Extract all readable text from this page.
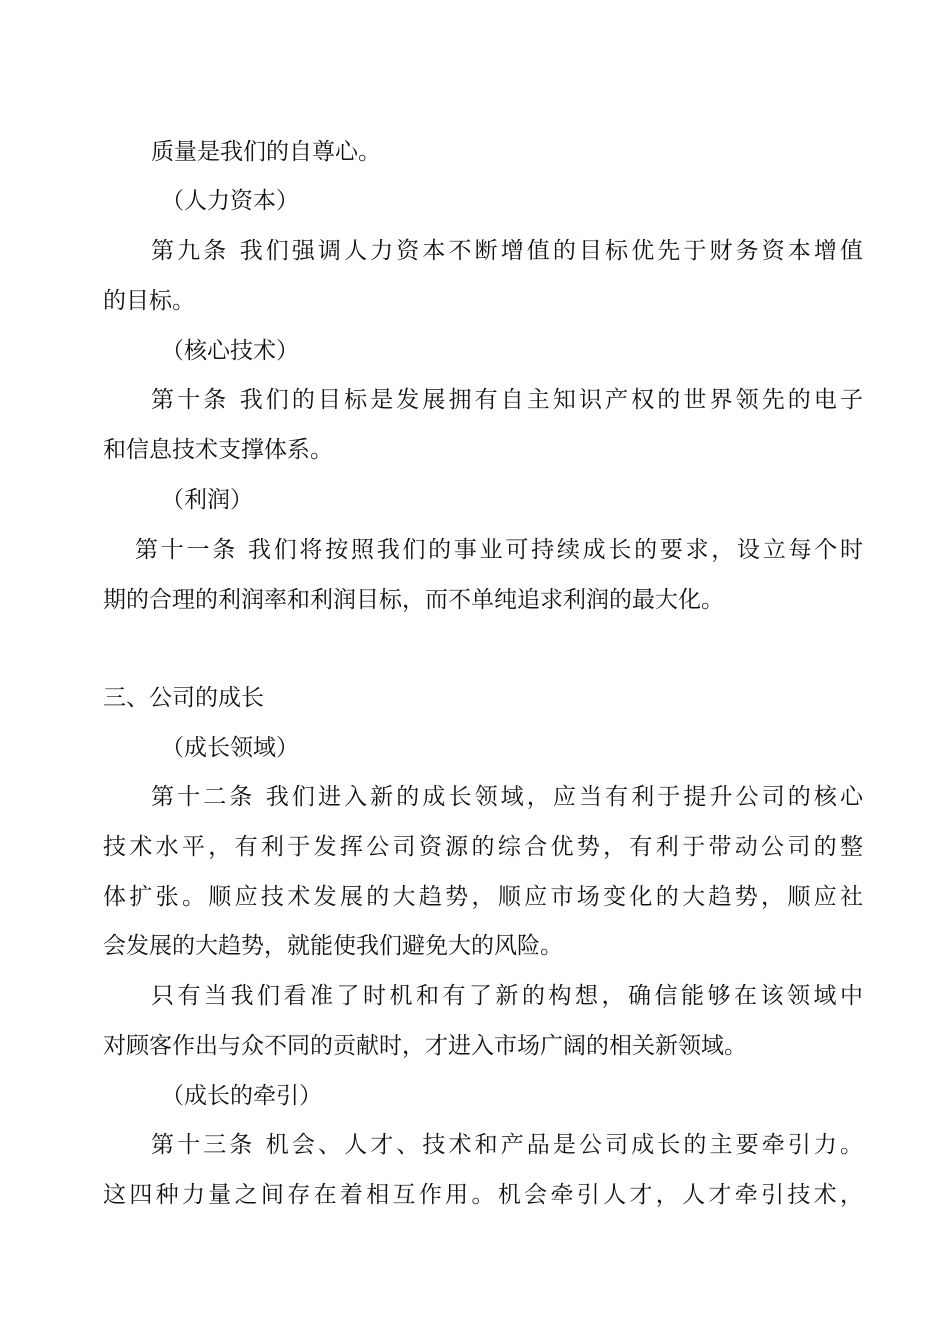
质量是我们的自尊心。
（人力资本）
第九条 我们强调人力资本不断增值的目标优先于财务资本增值
的目标。
（核心技术）
第十条 我们的目标是发展拥有自主知识产权的世界领先的电子
和信息技术支撑体系。
（利润）
第十一条 我们将按照我们的事业可持续成长的要求，设立每个时
期的合理的利润率和利润目标，而不单纯追求利润的最大化。
三、公司的成长
（成长领域）
第十二条 我们进入新的成长领域，应当有利于提升公司的核心
技术水平，有利于发挥公司资源的综合优势，有利于带动公司的整
体扩张。顺应技术发展的大趋势，顺应市场变化的大趋势，顺应社
会发展的大趋势，就能使我们避免大的风险。
只有当我们看准了时机和有了新的构想，确信能够在该领域中
对顾客作出与众不同的贡献时，才进入市场广阔的相关新领域。
（成长的牵引）
第十三条 机会、人才、技术和产品是公司成长的主要牵引力。
这四种力量之间存在着相互作用。机会牵引人才，人才牵引技术，
